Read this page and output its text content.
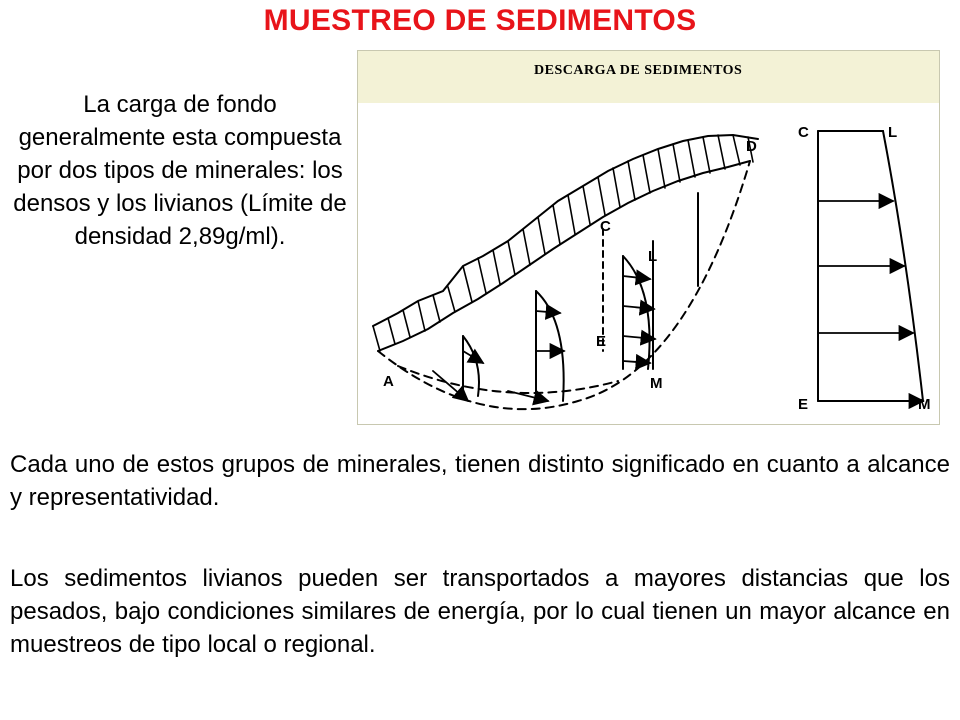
MUESTREO DE SEDIMENTOS
La carga de fondo generalmente esta compuesta por dos tipos de minerales: los densos y los livianos (Límite de densidad 2,89g/ml).
DESCARGA DE SEDIMENTOS
A
C
D
E
L
M
C	L
E	M

Cada uno de estos grupos de minerales, tienen distinto significado en cuanto a alcance y representatividad.

Los sedimentos livianos pueden ser transportados a mayores distancias que los pesados, bajo condiciones similares de energía, por lo cual tienen un mayor alcance en muestreos de tipo local o regional.
